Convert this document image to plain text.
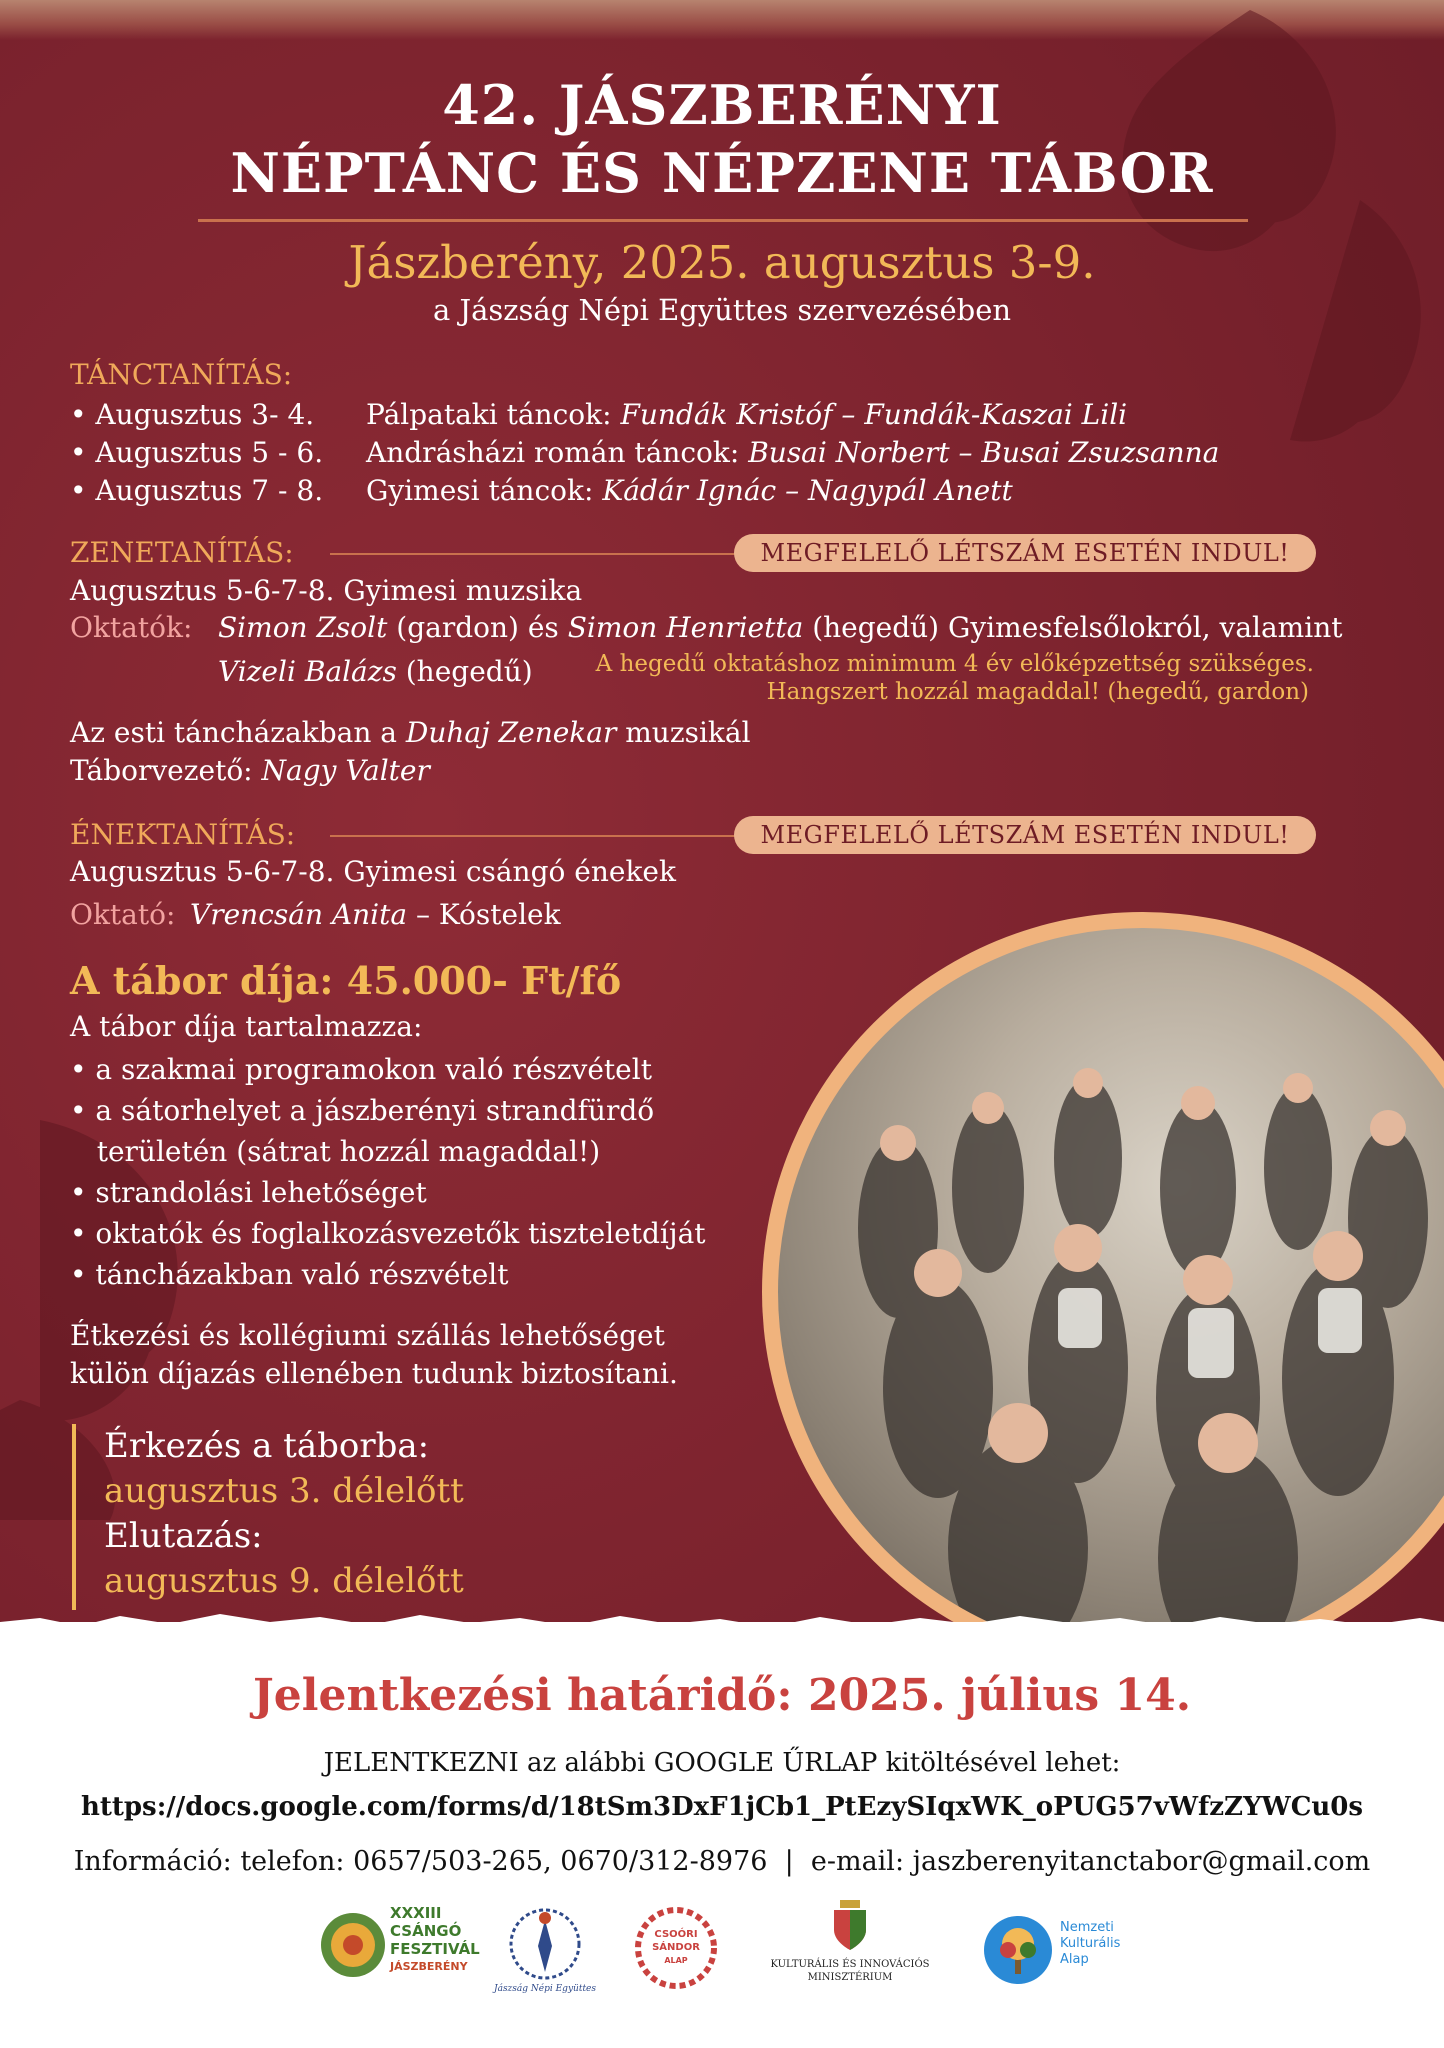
42. JÁSZBERÉNYI
NÉPTÁNC ÉS NÉPZENE TÁBOR
Jászberény, 2025. augusztus 3-9.
a Jászság Népi Együttes szervezésében
TÁNCTANÍTÁS:
• Augusztus 3- 4. Pálpataki táncok: Fundák Kristóf – Fundák-Kaszai Lili
• Augusztus 5 - 6. Andrásházi román táncok: Busai Norbert – Busai Zsuzsanna
• Augusztus 7 - 8. Gyimesi táncok: Kádár Ignác – Nagypál Anett
ZENETANÍTÁS:	MEGFELELŐ LÉTSZÁM ESETÉN INDUL!
Augusztus 5-6-7-8. Gyimesi muzsika
Oktatók: Simon Zsolt (gardon) és Simon Henrietta (hegedű) Gyimesfelsőlokról, valamint
Vizeli Balázs (hegedű)	A hegedű oktatáshoz minimum 4 év előképzettség szükséges.
Hangszert hozzál magaddal! (hegedű, gardon)
Az esti táncházakban a Duhaj Zenekar muzsikál
Táborvezető: Nagy Valter
ÉNEKTANÍTÁS:	MEGFELELŐ LÉTSZÁM ESETÉN INDUL!
Augusztus 5-6-7-8. Gyimesi csángó énekek
Oktató: Vrencsán Anita – Kóstelek
A tábor díja: 45.000- Ft/fő
A tábor díja tartalmazza:
• a szakmai programokon való részvételt
• a sátorhelyet a jászberényi strandfürdő
területén (sátrat hozzál magaddal!)
• strandolási lehetőséget
• oktatók és foglalkozásvezetők tiszteletdíját
• táncházakban való részvételt
Étkezési és kollégiumi szállás lehetőséget
külön díjazás ellenében tudunk biztosítani.
Érkezés a táborba:
augusztus 3. délelőtt
Elutazás:
augusztus 9. délelőtt
Jelentkezési határidő: 2025. július 14.
JELENTKEZNI az alábbi GOOGLE ŰRLAP kitöltésével lehet:
https://docs.google.com/forms/d/18tSm3DxF1jCb1_PtEzySIqxWK_oPUG57vWfzZYWCu0s
Információ: telefon: 0657/503-265, 0670/312-8976  |  e-mail: jaszberenyitanctabor@gmail.com
XXXIII
CSÁNGÓ
FESZTIVÁL
JÁSZBERÉNY
Jászság Népi Együttes
CSOÓRI
SÁNDOR
ALAP	KULTURÁLIS ÉS INNOVÁCIÓS
MINISZTÉRIUM
Nemzeti
Kulturális
Alap
